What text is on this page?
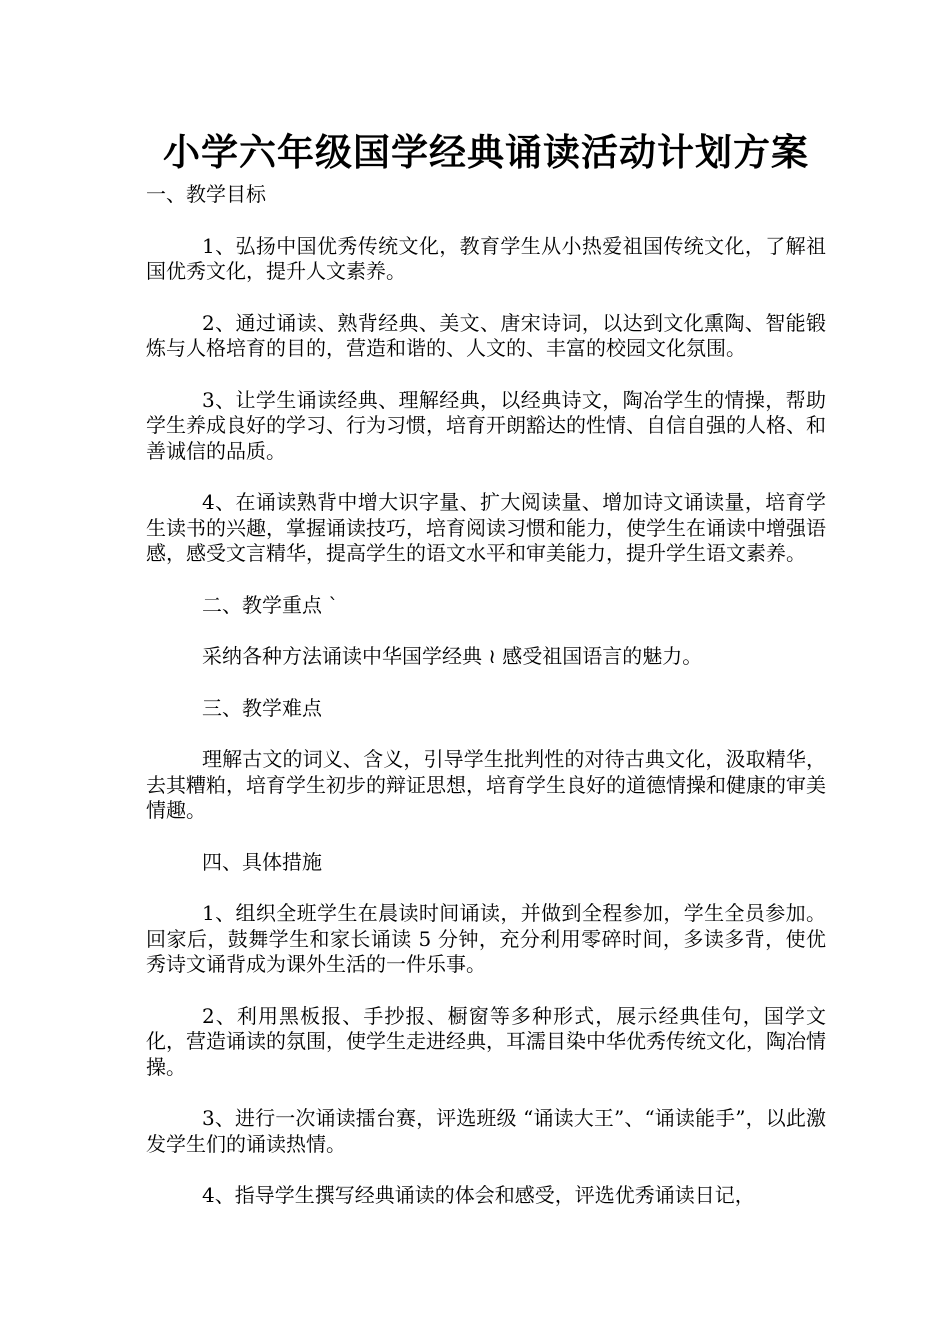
小学六年级国学经典诵读活动计划方案

一、教学目标

1、弘扬中国优秀传统文化，教育学生从小热爱祖国传统文化，了解祖国优秀文化，提升人文素养。

2、通过诵读、熟背经典、美文、唐宋诗词，以达到文化熏陶、智能锻炼与人格培育的目的，营造和谐的、人文的、丰富的校园文化氛围。

3、让学生诵读经典、理解经典，以经典诗文，陶冶学生的情操，帮助学生养成良好的学习、行为习惯，培育开朗豁达的性情、自信自强的人格、和善诚信的品质。

4、在诵读熟背中增大识字量、扩大阅读量、增加诗文诵读量，培育学生读书的兴趣，掌握诵读技巧，培育阅读习惯和能力，使学生在诵读中增强语感，感受文言精华，提高学生的语文水平和审美能力，提升学生语文素养。

二、教学重点 ˋ

采纳各种方法诵读中华国学经典 ≀ 感受祖国语言的魅力。

三、教学难点

理解古文的词义、含义，引导学生批判性的对待古典文化，汲取精华，去其糟粕，培育学生初步的辩证思想，培育学生良好的道德情操和健康的审美情趣。

四、具体措施

1、组织全班学生在晨读时间诵读，并做到全程参加，学生全员参加。回家后，鼓舞学生和家长诵读 5 分钟，充分利用零碎时间，多读多背，使优秀诗文诵背成为课外生活的一件乐事。

2、利用黑板报、手抄报、橱窗等多种形式，展示经典佳句，国学文化，营造诵读的氛围，使学生走进经典，耳濡目染中华优秀传统文化，陶冶情操。

3、进行一次诵读擂台赛，评选班级 “诵读大王”、“诵读能手”，以此激发学生们的诵读热情。

4、指导学生撰写经典诵读的体会和感受，评选优秀诵读日记，
